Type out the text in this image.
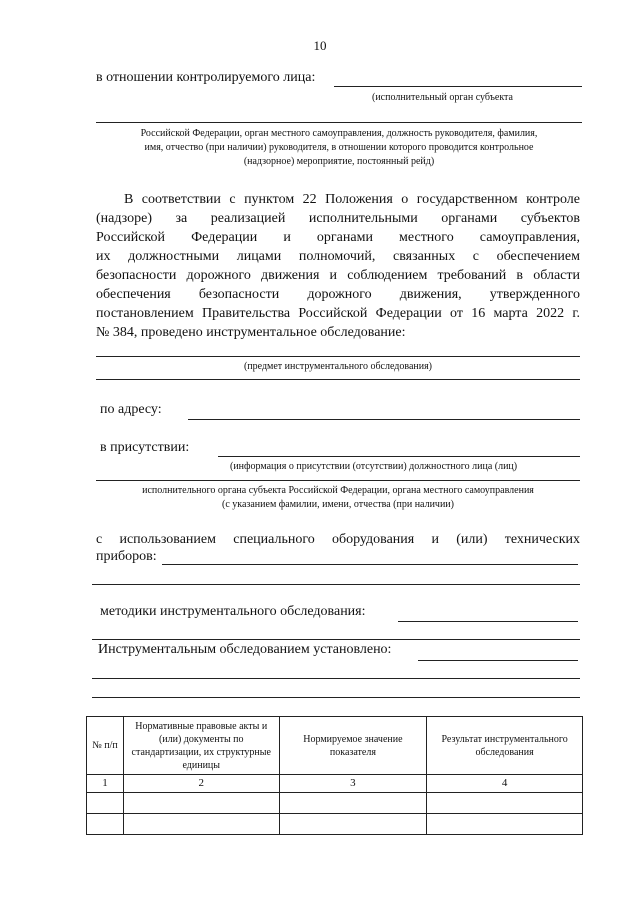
10
в отношении контролируемого лица:
(исполнительный орган субъекта
Российской Федерации, орган местного самоуправления, должность руководителя, фамилия,
имя, отчество (при наличии) руководителя, в отношении которого проводится контрольное
(надзорное) мероприятие, постоянный рейд)
В соответствии с пунктом 22 Положения о государственном контроле
(надзоре) за реализацией исполнительными органами субъектов
Российской Федерации и органами местного самоуправления,
их должностными лицами полномочий, связанных с обеспечением
безопасности дорожного движения и соблюдением требований в области
обеспечения безопасности дорожного движения, утвержденного
постановлением Правительства Российской Федерации от 16 марта 2022 г.
№ 384, проведено инструментальное обследование:
(предмет инструментального обследования)
по адресу:
в присутствии:
(информация о присутствии (отсутствии) должностного лица (лиц)
исполнительного органа субъекта Российской Федерации, органа местного самоуправления
(с указанием фамилии, имени, отчества (при наличии)
с использованием специального оборудования и (или) технических
приборов:
методики инструментального обследования:
Инструментальным обследованием установлено:
№ п/п	Нормативные правовые акты и (или) документы по стандартизации, их структурные единицы	Нормируемое значение показателя	Результат инструментального обследования
1	2	3	4
